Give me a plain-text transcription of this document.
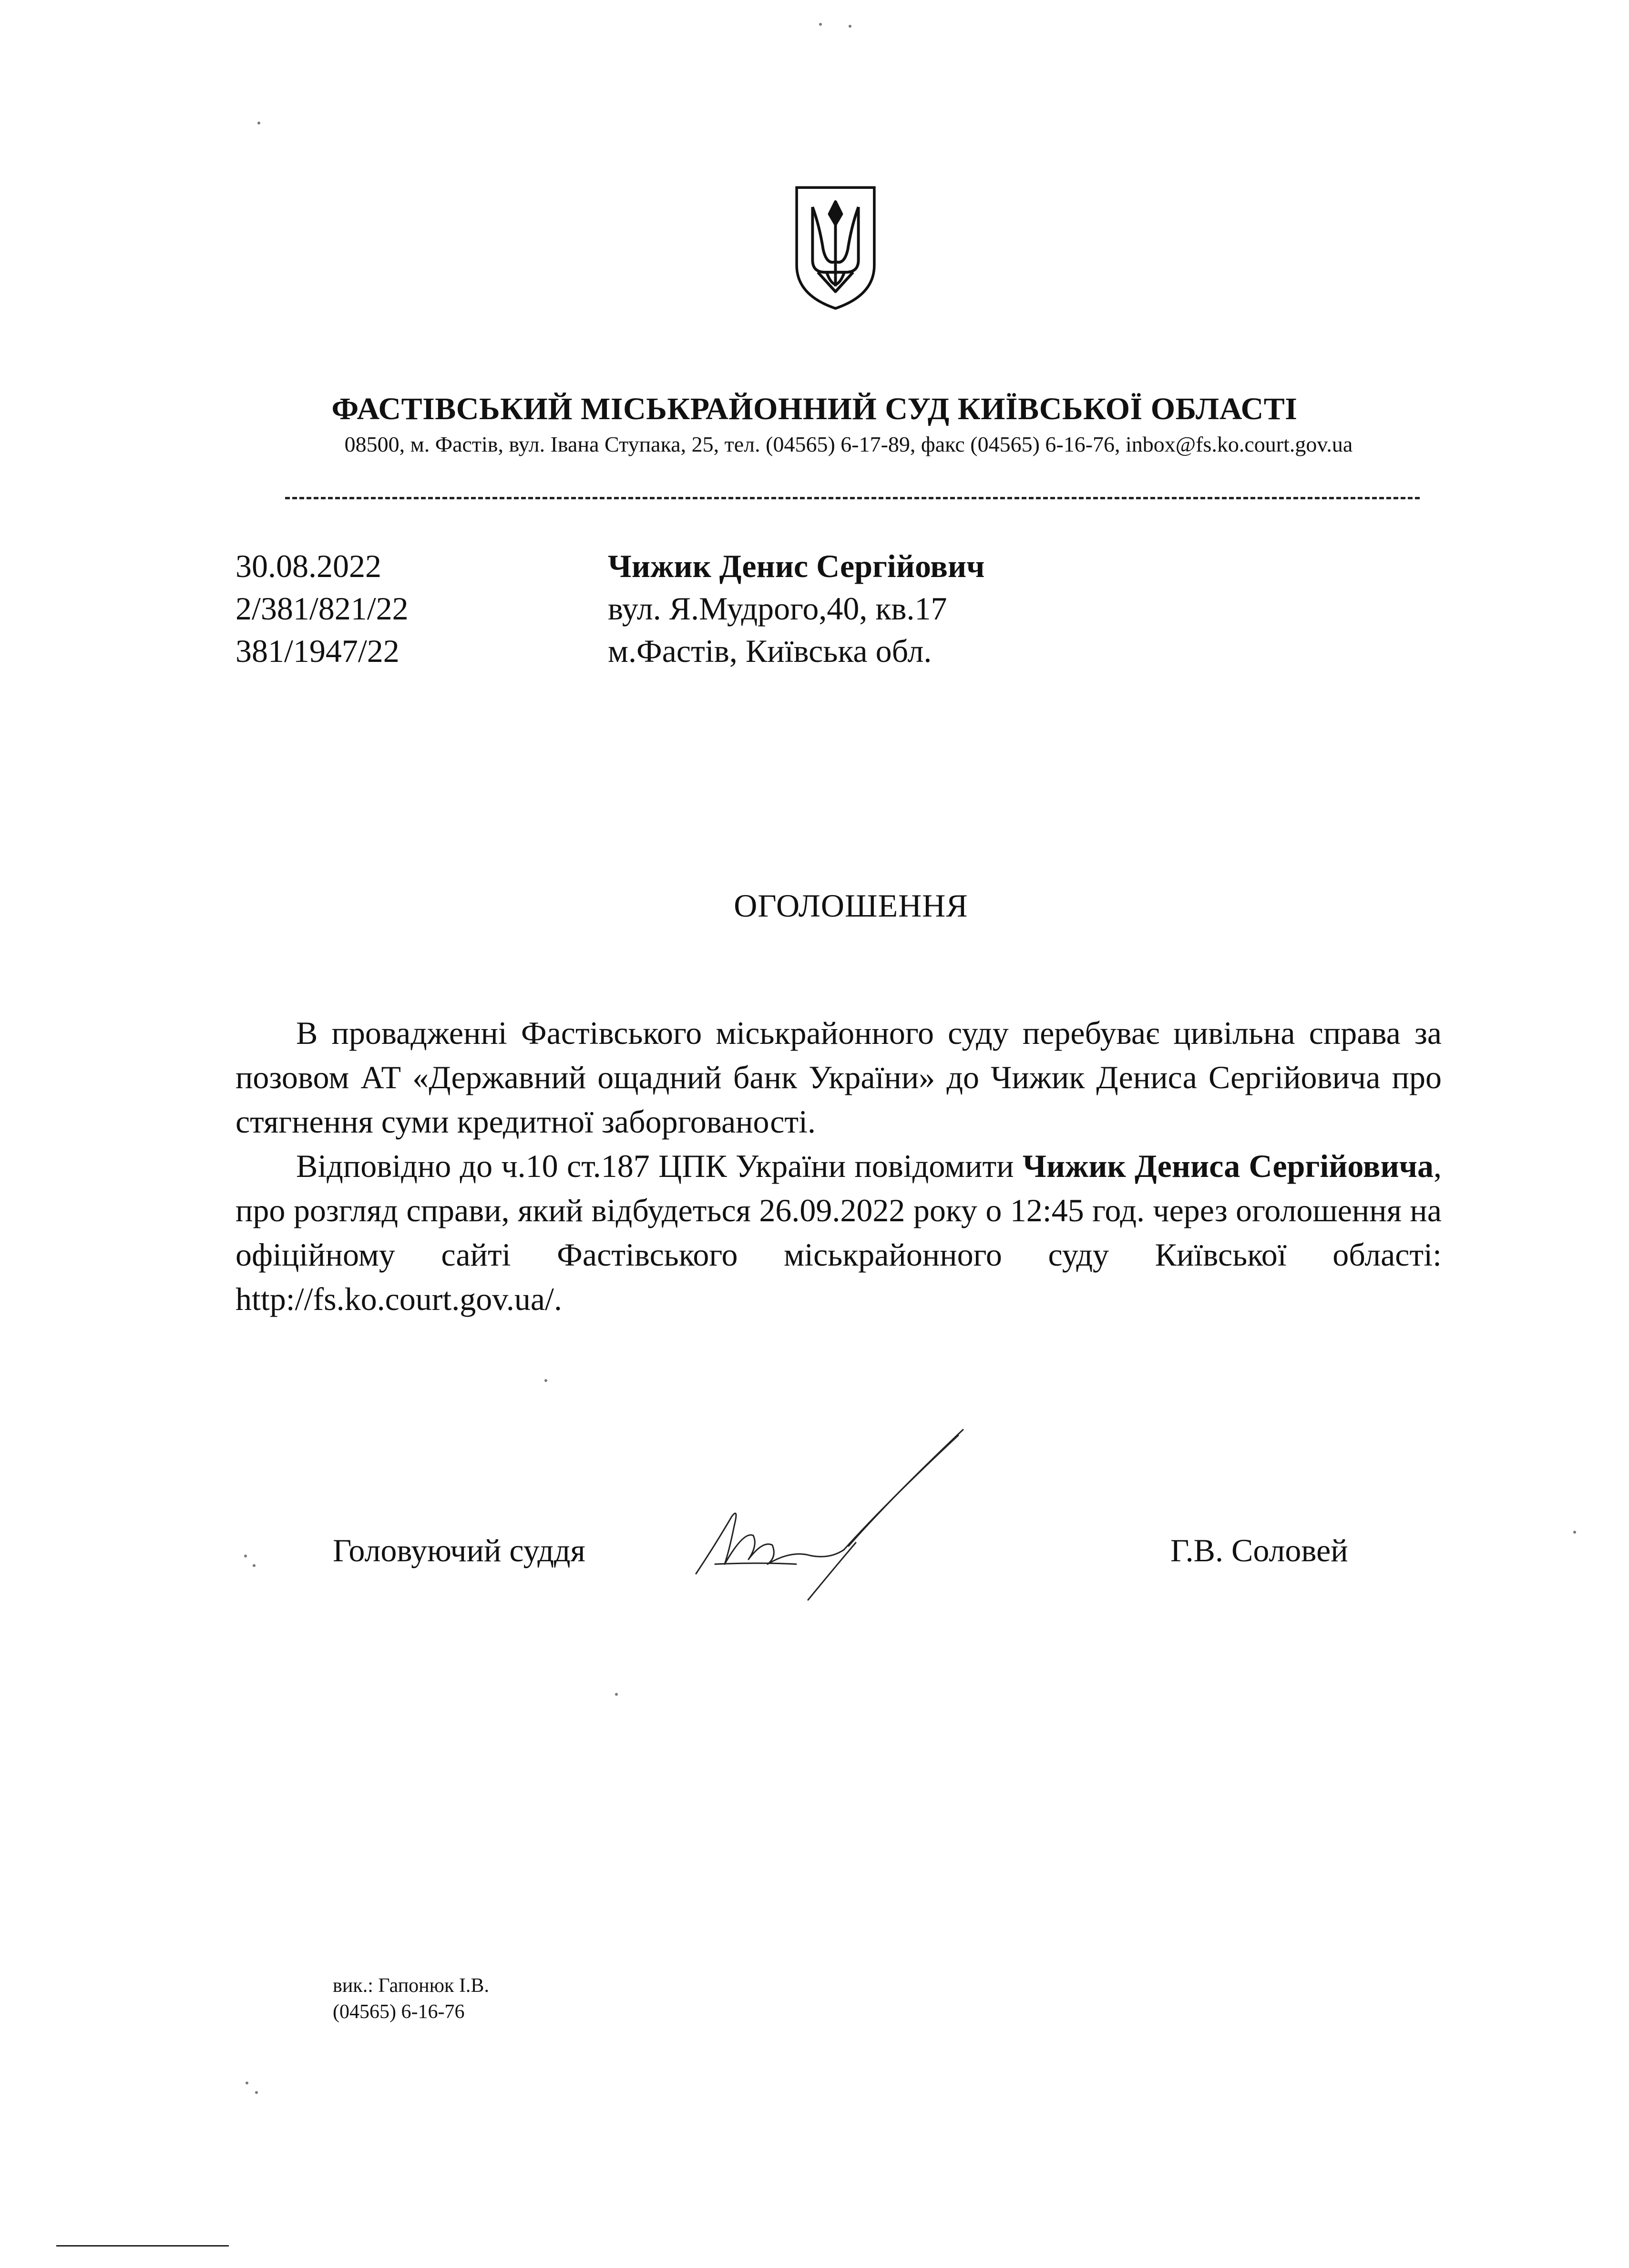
ФАСТІВСЬКИЙ МІСЬКРАЙОННИЙ СУД КИЇВСЬКОЇ ОБЛАСТІ
08500, м. Фастів, вул. Івана Ступака, 25, тел. (04565) 6-17-89, факс (04565) 6-16-76, inbox@fs.ko.court.gov.ua
30.08.2022
2/381/821/22
381/1947/22
Чижик Денис Сергійович
вул. Я.Мудрого,40, кв.17
м.Фастів, Київська обл.
ОГОЛОШЕННЯ

В провадженні Фастівського міськрайонного суду перебуває цивільна справа за позовом АТ «Державний ощадний банк України» до Чижик Дениса Сергійовича про стягнення суми кредитної заборгованості.

Відповідно до ч.10 ст.187 ЦПК України повідомити Чижик Дениса Сергійовича, про розгляд справи, який відбудеться 26.09.2022 року о 12:45 год. через оголошення на офіційному сайті Фастівського міськрайонного суду Київської області: http://fs.ko.court.gov.ua/.

Головуючий суддя	Г.В. Соловей
вик.: Гапонюк І.В.
(04565) 6-16-76
